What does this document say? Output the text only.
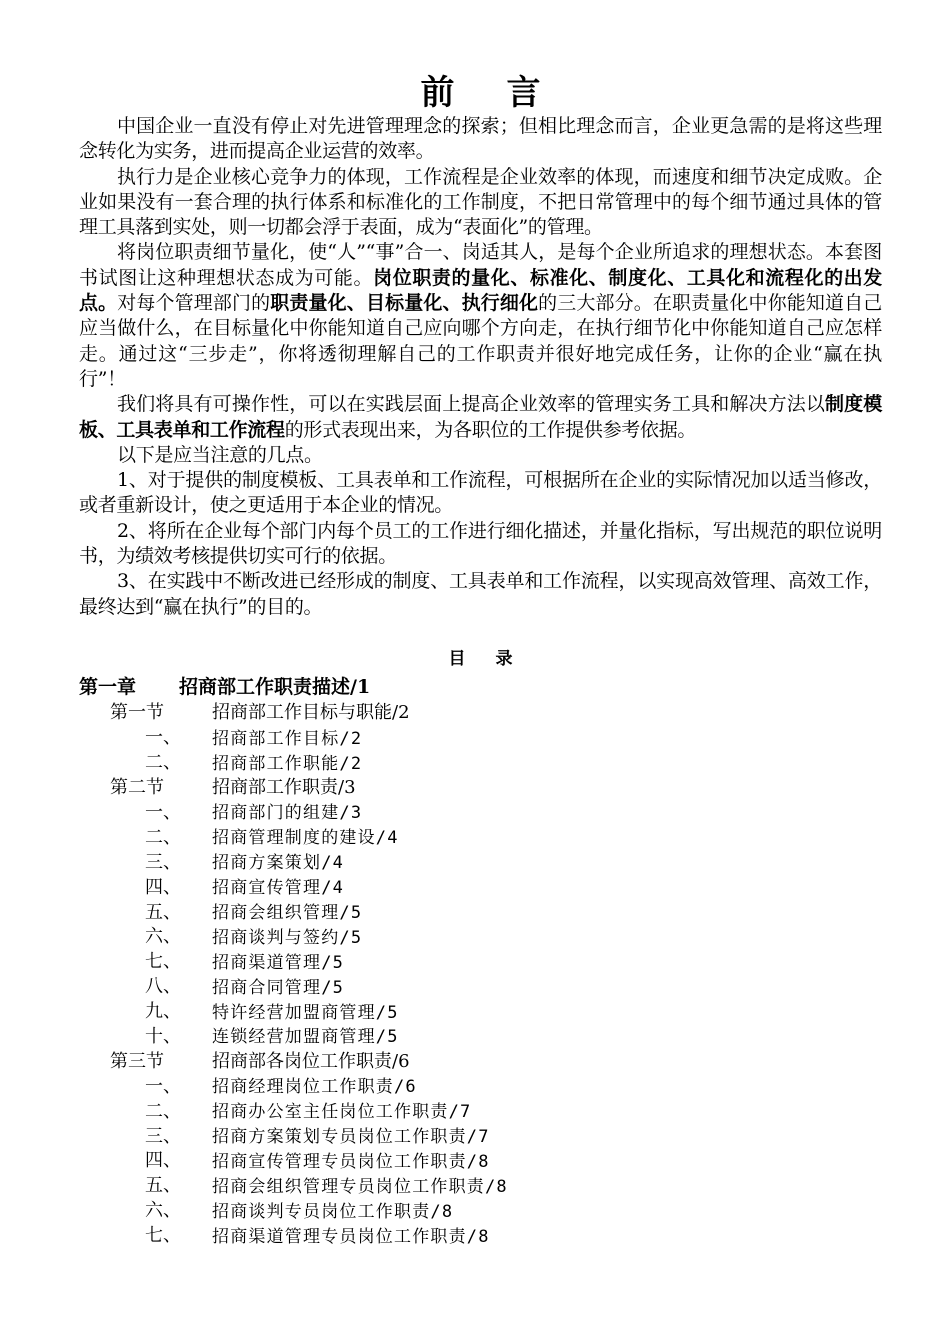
前言

中国企业一直没有停止对先进管理理念的探索；但相比理念而言，企业更急需的是将这些理念转化为实务，进而提高企业运营的效率。

执行力是企业核心竞争力的体现，工作流程是企业效率的体现，而速度和细节决定成败。企业如果没有一套合理的执行体系和标准化的工作制度，不把日常管理中的每个细节通过具体的管理工具落到实处，则一切都会浮于表面，成为“表面化”的管理。

将岗位职责细节量化，使“人”“事”合一、岗适其人，是每个企业所追求的理想状态。本套图书试图让这种理想状态成为可能。岗位职责的量化、标准化、制度化、工具化和流程化的出发点。对每个管理部门的职责量化、目标量化、执行细化的三大部分。在职责量化中你能知道自己应当做什么，在目标量化中你能知道自己应向哪个方向走，在执行细节化中你能知道自己应怎样走。通过这“三步走”，你将透彻理解自己的工作职责并很好地完成任务，让你的企业“赢在执行”！

我们将具有可操作性，可以在实践层面上提高企业效率的管理实务工具和解决方法以制度模板、工具表单和工作流程的形式表现出来，为各职位的工作提供参考依据。

以下是应当注意的几点。

1、对于提供的制度模板、工具表单和工作流程，可根据所在企业的实际情况加以适当修改，或者重新设计，使之更适用于本企业的情况。

2、将所在企业每个部门内每个员工的工作进行细化描述，并量化指标，写出规范的职位说明书，为绩效考核提供切实可行的依据。

3、在实践中不断改进已经形成的制度、工具表单和工作流程，以实现高效管理、高效工作，最终达到“赢在执行”的目的。

目录
第一章	招商部工作职责描述/1
第一节	招商部工作目标与职能/2
一、	招商部工作目标/2
二、	招商部工作职能/2
第二节	招商部工作职责/3
一、	招商部门的组建/3
二、	招商管理制度的建设/4
三、	招商方案策划/4
四、	招商宣传管理/4
五、	招商会组织管理/5
六、	招商谈判与签约/5
七、	招商渠道管理/5
八、	招商合同管理/5
九、	特许经营加盟商管理/5
十、	连锁经营加盟商管理/5
第三节	招商部各岗位工作职责/6
一、	招商经理岗位工作职责/6
二、	招商办公室主任岗位工作职责/7
三、	招商方案策划专员岗位工作职责/7
四、	招商宣传管理专员岗位工作职责/8
五、	招商会组织管理专员岗位工作职责/8
六、	招商谈判专员岗位工作职责/8
七、	招商渠道管理专员岗位工作职责/8
